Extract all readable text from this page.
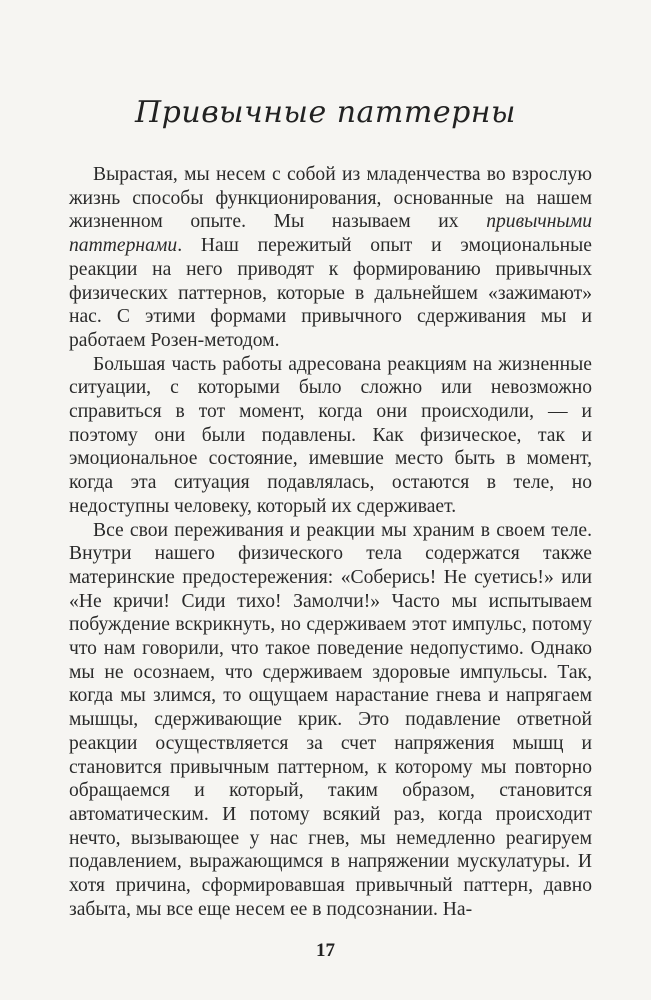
Привычные паттерны

Вырастая, мы несем с собой из младенчества во взрослую жизнь способы функционирования, основанные на нашем жизненном опыте. Мы называем их привычными паттернами. Наш пережитый опыт и эмоциональные реакции на него приводят к формированию привычных физических паттернов, которые в дальнейшем «зажимают» нас. С этими формами привычного сдерживания мы и работаем Розен-методом.

Большая часть работы адресована реакциям на жизненные ситуации, с которыми было сложно или невозможно справиться в тот момент, когда они происходили, — и поэтому они были подавлены. Как физическое, так и эмоциональное состояние, имевшие место быть в момент, когда эта ситуация подавлялась, остаются в теле, но недоступны человеку, который их сдерживает.

Все свои переживания и реакции мы храним в своем теле. Внутри нашего физического тела содержатся также материнские предостережения: «Соберись! Не суетись!» или «Не кричи! Сиди тихо! Замолчи!» Часто мы испытываем побуждение вскрикнуть, но сдерживаем этот импульс, потому что нам говорили, что такое поведение недопустимо. Однако мы не осознаем, что сдерживаем здоровые импульсы. Так, когда мы злимся, то ощущаем нарастание гнева и напрягаем мышцы, сдерживающие крик. Это подавление ответной реакции осуществляется за счет напряжения мышц и становится привычным паттерном, к которому мы повторно обращаемся и который, таким образом, становится автоматическим. И потому всякий раз, когда происходит нечто, вызывающее у нас гнев, мы немедленно реагируем подавлением, выражающимся в напряжении мускулатуры. И хотя причина, сформировавшая привычный паттерн, давно забыта, мы все еще несем ее в подсознании. На-

17
